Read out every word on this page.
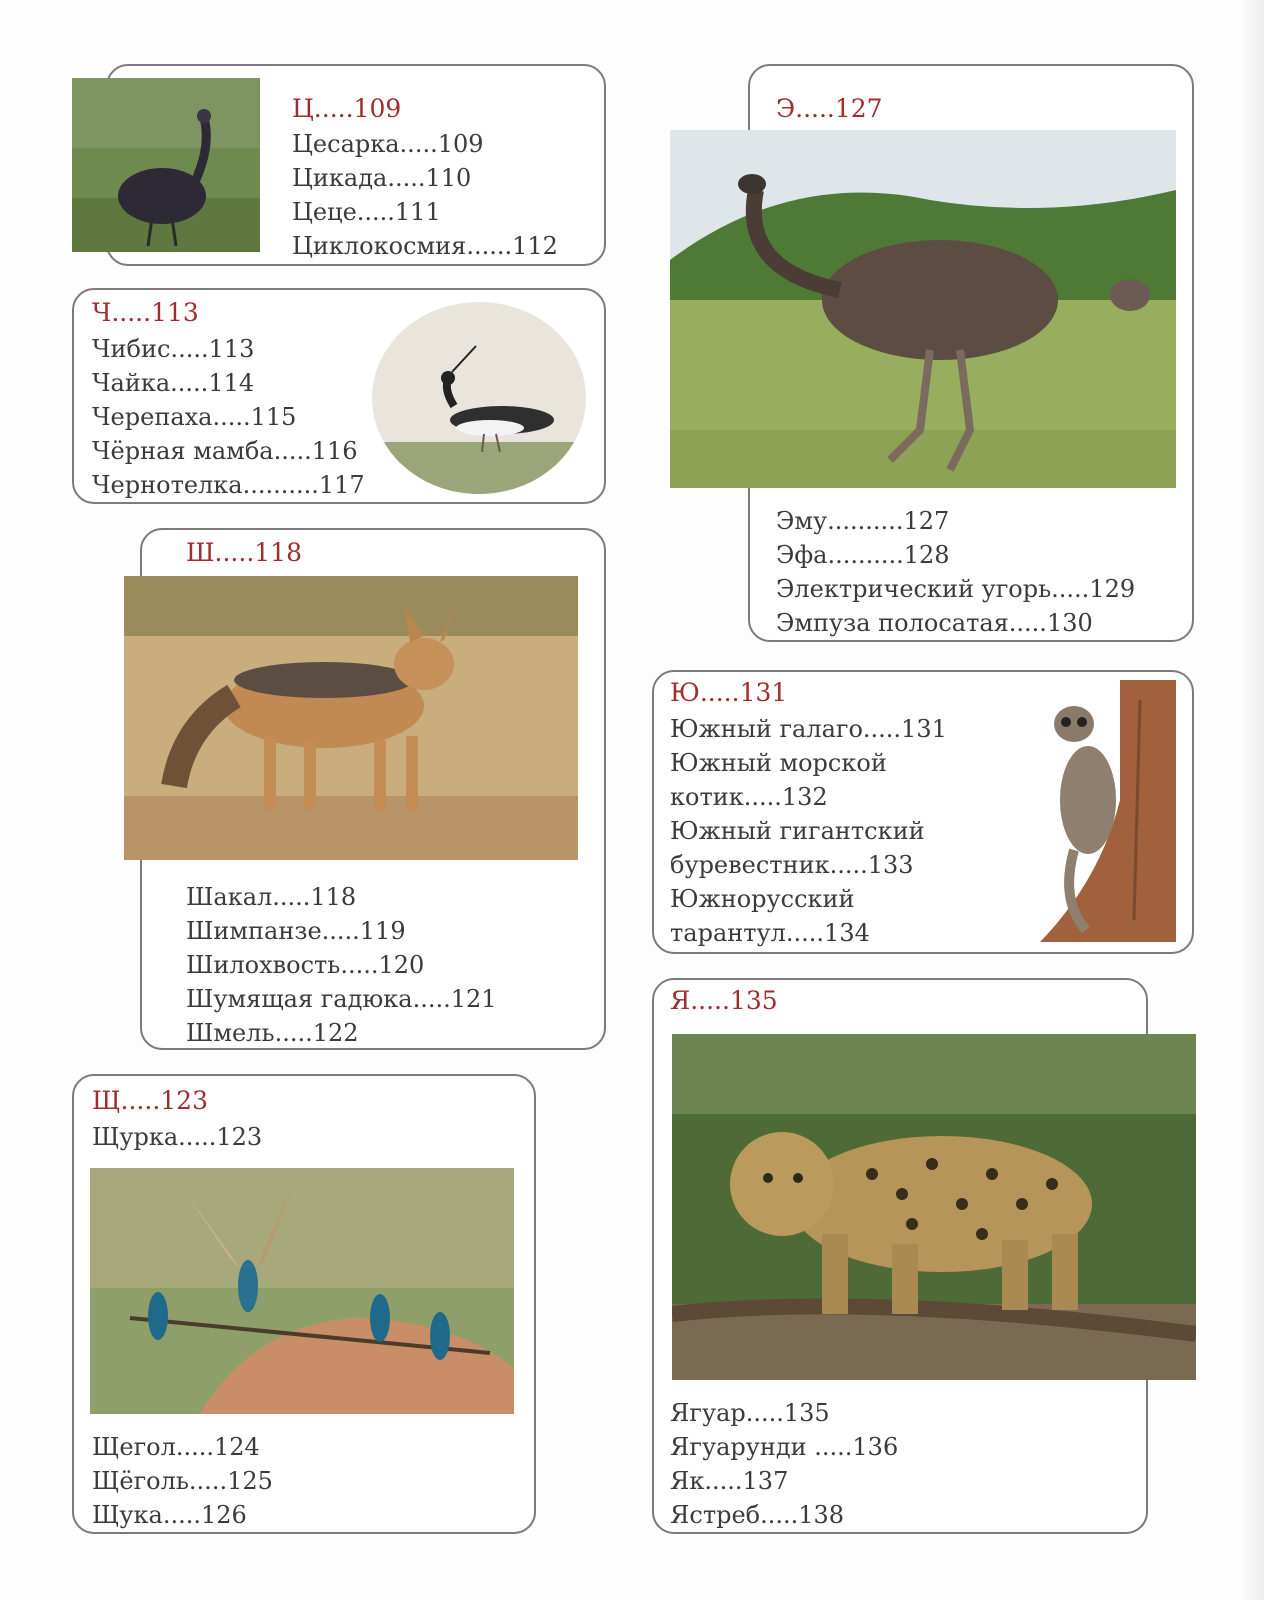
Ц.....109

Цесарка.....109
Цикада.....110
Цеце.....111
Циклокосмия......112

Ч.....113

Чибис.....113
Чайка.....114
Черепаха.....115
Чёрная мамба.....116
Чернотелка..........117

Ш.....118

Шакал.....118
Шимпанзе.....119
Шилохвость.....120
Шумящая гадюка.....121
Шмель.....122

Щ.....123

Щурка.....123
Щегол.....124
Щёголь.....125
Щука.....126

Э.....127

Эму..........127
Эфа..........128
Электрический угорь.....129
Эмпуза полосатая.....130

Ю.....131

Южный галаго.....131
Южный морской
котик.....132
Южный гигантский
буревестник.....133
Южнорусский
тарантул.....134

Я.....135

Ягуар.....135
Ягуарунди .....136
Як.....137
Ястреб.....138
